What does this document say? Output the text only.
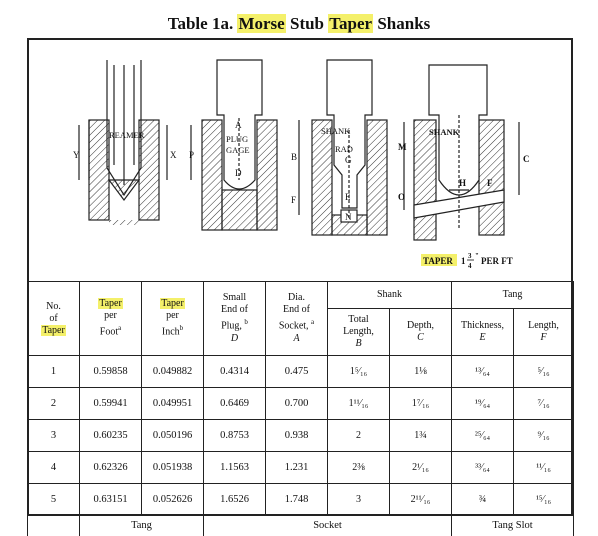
Table 1a. Morse Stub Taper Shanks
REAMER
Y	X
A
PLUG
GAGE
D
P
SHANK
RAD
G
E
N
B
F
SHANK
M
O
C
H F
TAPER 1 3
4
" PER FT
No.
of
Taper	Taper
per
Foot$^a$	Taper
per
Inch$^b$	Small
End of
Plug, $^b$
D	Dia.
End of
Socket, $^a$
A	Shank		Tang	
					Total
Length,
B	Depth,
C	Thickness,
E	Length,
F
1	0.59858	0.049882	0.4314	0.475	1⁵⁄₁₆	1⅛	¹³⁄₆₄	⁵⁄₁₆
2	0.59941	0.049951	0.6469	0.700	1¹¹⁄₁₆	1⁷⁄₁₆	¹⁹⁄₆₄	⁷⁄₁₆
3	0.60235	0.050196	0.8753	0.938	2	1¾	²⁵⁄₆₄	⁹⁄₁₆
4	0.62326	0.051938	1.1563	1.231	2⅜	2¹⁄₁₆	³³⁄₆₄	¹¹⁄₁₆
5	0.63151	0.052626	1.6526	1.748	3	2¹¹⁄₁₆	¾	¹⁵⁄₁₆
	Tang		Socket				Tang Slot	
